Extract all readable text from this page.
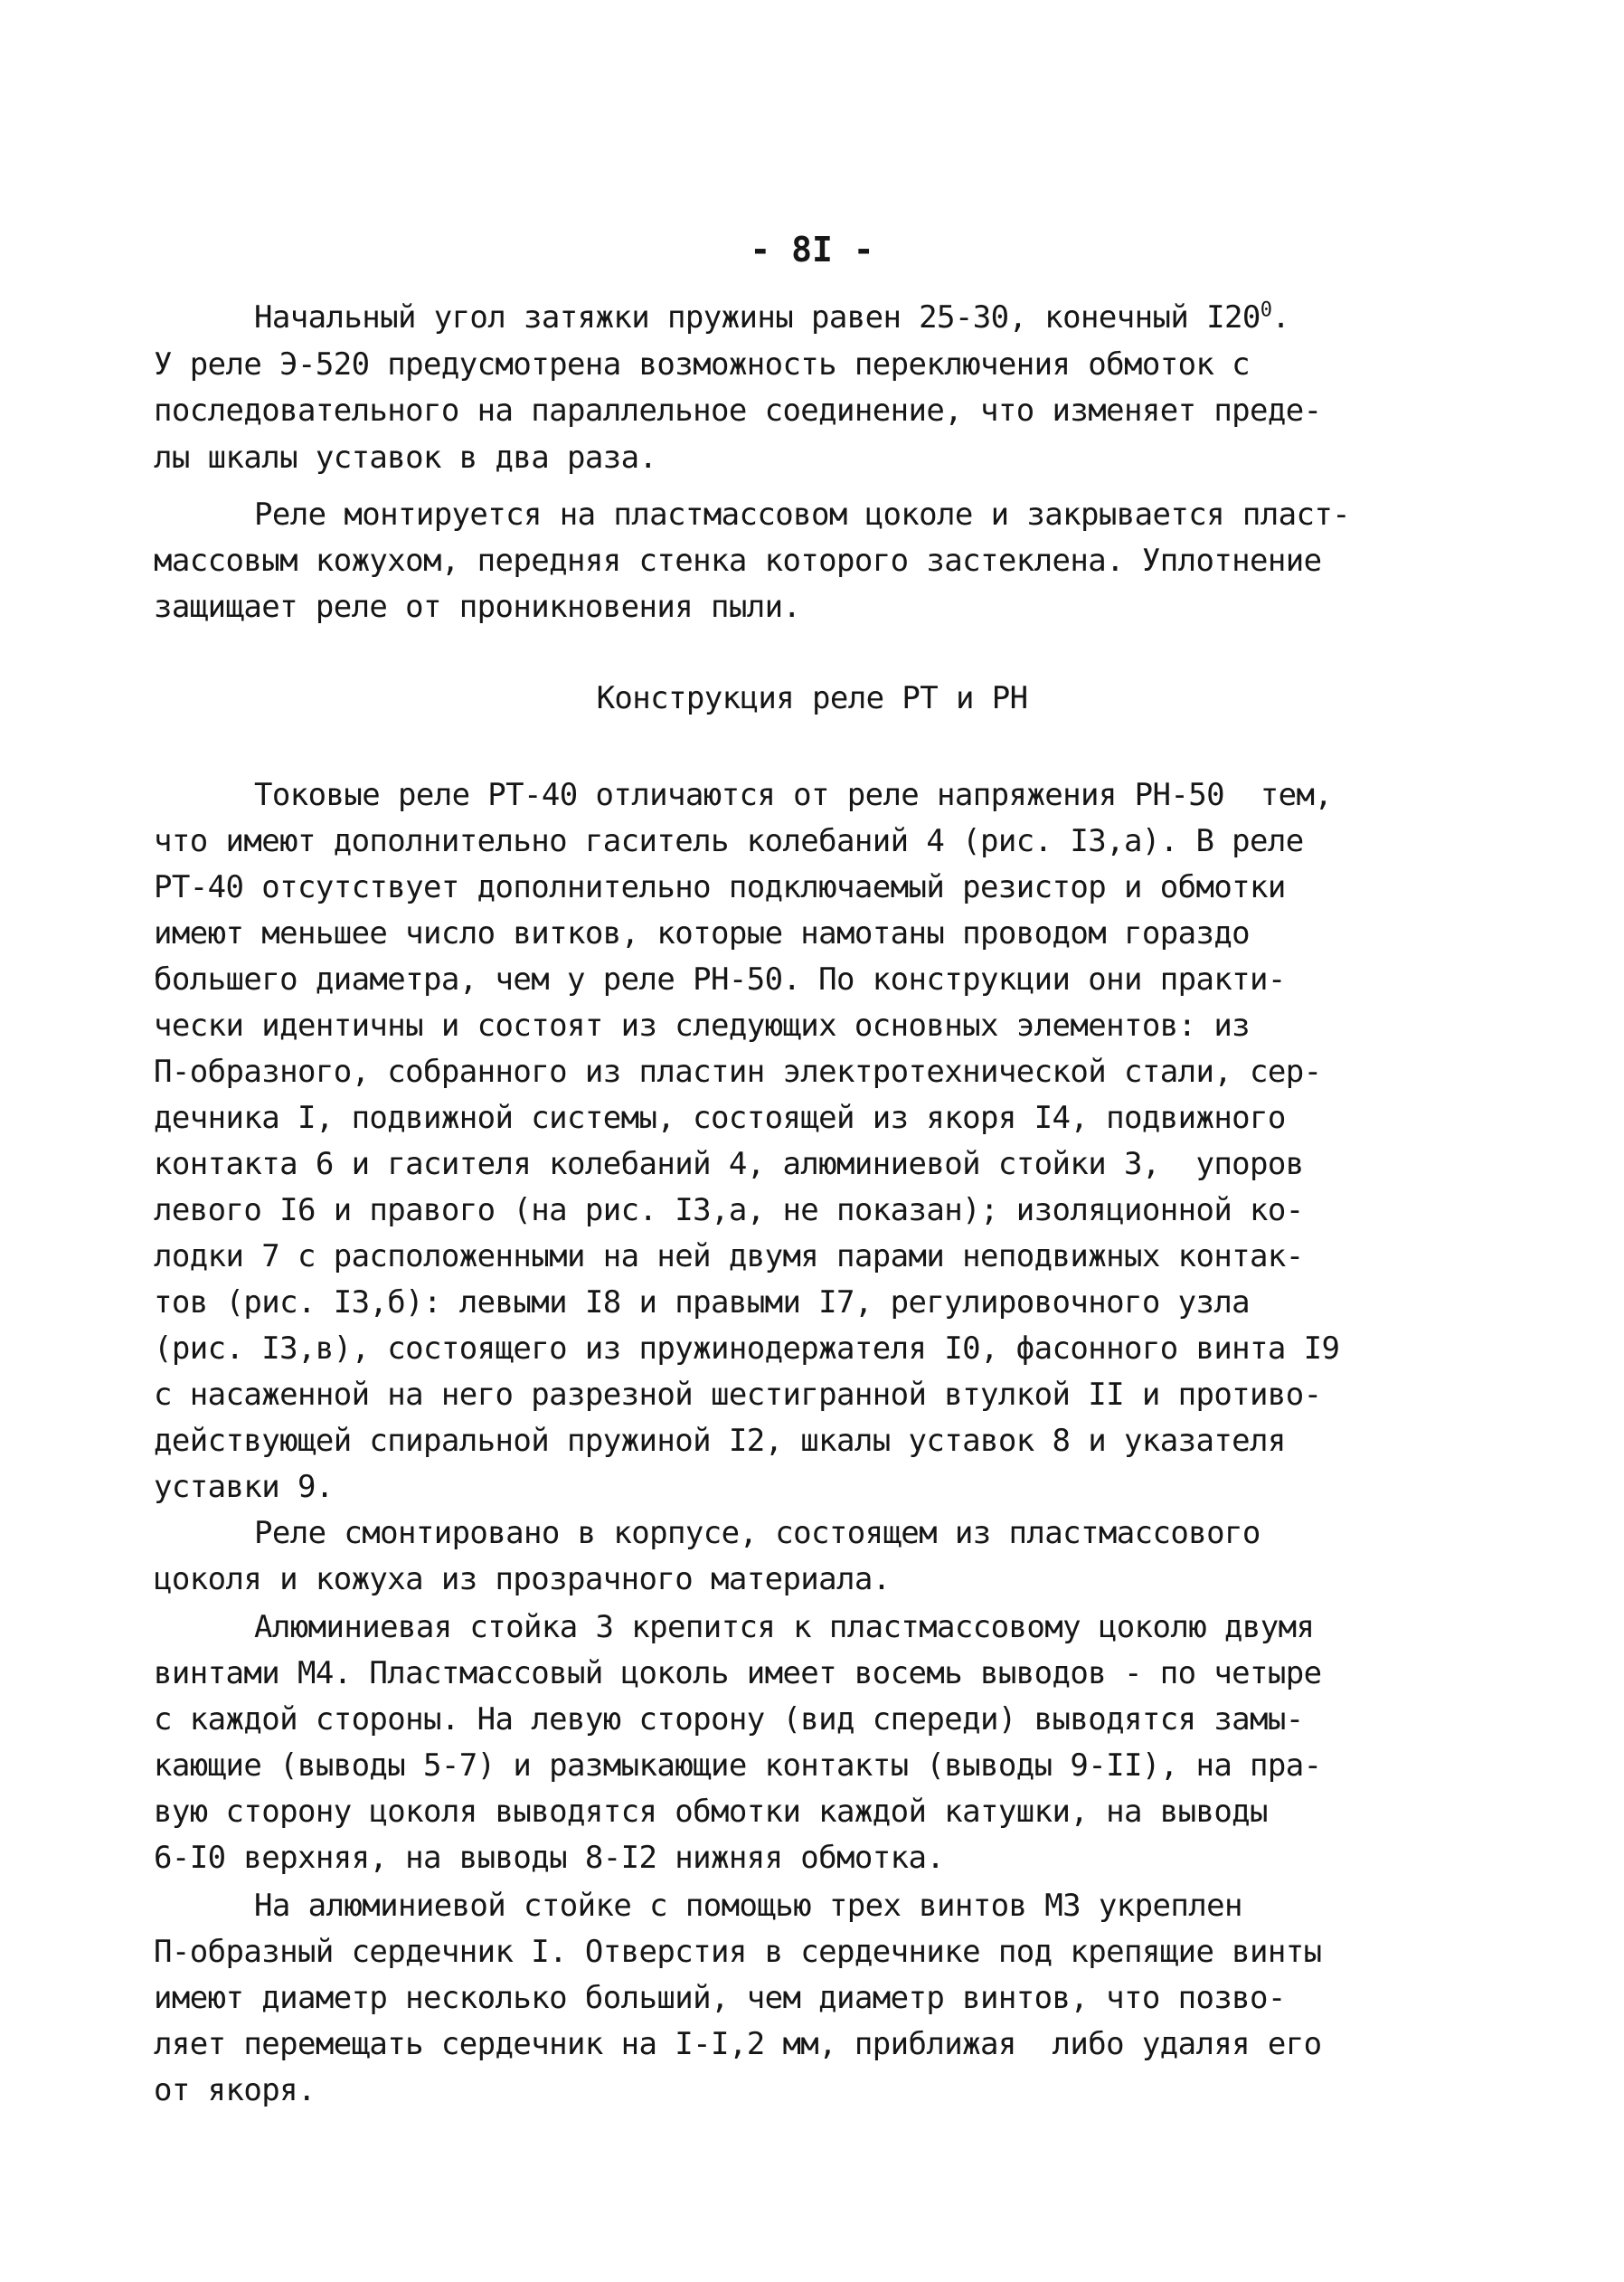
- 8I -
Начальный угол затяжки пружины равен 25-30, конечный $I20^0$.
У реле Э-520 предусмотрена возможность переключения обмоток с
последовательного на параллельное соединение, что изменяет преде-
лы шкалы уставок в два раза.
Реле монтируется на пластмассовом цоколе и закрывается пласт-
массовым кожухом, передняя стенка которого застеклена. Уплотнение
защищает реле от проникновения пыли.
Конструкция реле РТ и РН
Токовые реле РТ-40 отличаются от реле напряжения РН-50  тем,
что имеют дополнительно гаситель колебаний 4 (рис. I3,а). В реле
РТ-40 отсутствует дополнительно подключаемый резистор и обмотки
имеют меньшее число витков, которые намотаны проводом гораздо
большего диаметра, чем у реле РН-50. По конструкции они практи-
чески идентичны и состоят из следующих основных элементов: из
П-образного, собранного из пластин электротехнической стали, сер-
дечника I, подвижной системы, состоящей из якоря I4, подвижного
контакта 6 и гасителя колебаний 4, алюминиевой стойки 3,  упоров
левого I6 и правого (на рис. I3,а, не показан); изоляционной ко-
лодки 7 с расположенными на ней двумя парами неподвижных контак-
тов (рис. I3,б): левыми I8 и правыми I7, регулировочного узла
(рис. I3,в), состоящего из пружинодержателя I0, фасонного винта I9
с насаженной на него разрезной шестигранной втулкой II и противо-
действующей спиральной пружиной I2, шкалы уставок 8 и указателя
уставки 9.
Реле смонтировано в корпусе, состоящем из пластмассового
цоколя и кожуха из прозрачного материала.
Алюминиевая стойка 3 крепится к пластмассовому цоколю двумя
винтами М4. Пластмассовый цоколь имеет восемь выводов - по четыре
с каждой стороны. На левую сторону (вид спереди) выводятся замы-
кающие (выводы 5-7) и размыкающие контакты (выводы 9-II), на пра-
вую сторону цоколя выводятся обмотки каждой катушки, на выводы
6-I0 верхняя, на выводы 8-I2 нижняя обмотка.
На алюминиевой стойке с помощью трех винтов М3 укреплен
П-образный сердечник I. Отверстия в сердечнике под крепящие винты
имеют диаметр несколько больший, чем диаметр винтов, что позво-
ляет перемещать сердечник на I-I,2 мм, приближая  либо удаляя его
от якоря.
